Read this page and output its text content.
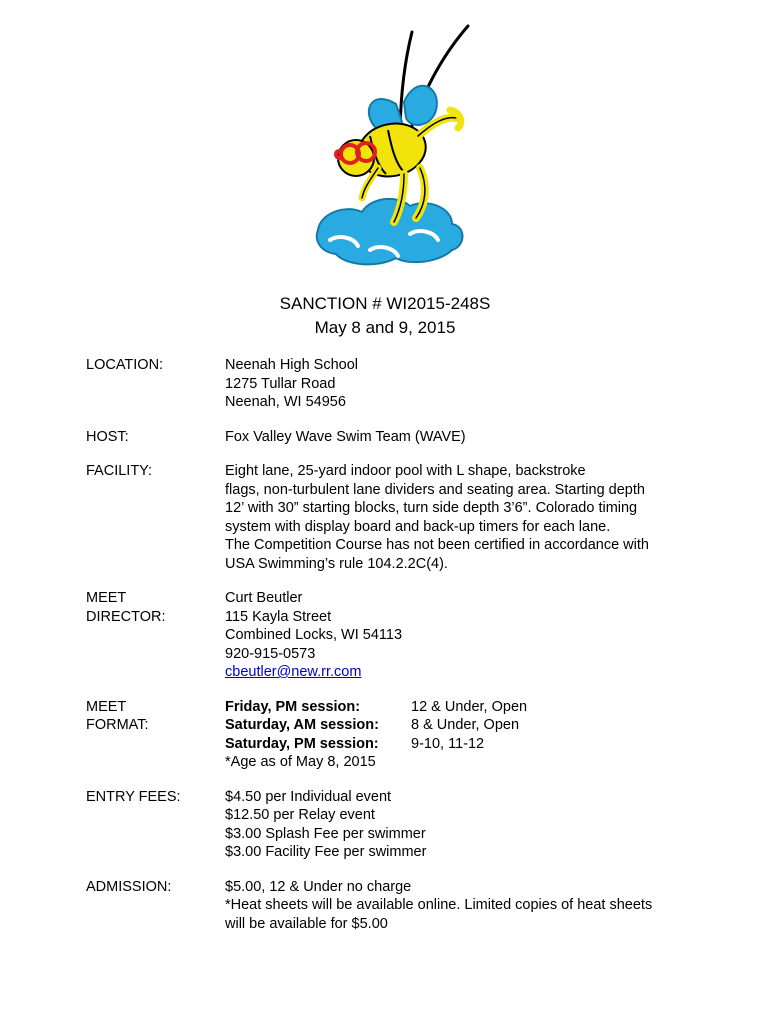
SANCTION # WI2015-248S
May 8 and 9, 2015
LOCATION:	Neenah High School
1275 Tullar Road
Neenah, WI 54956
HOST:	Fox Valley Wave Swim Team (WAVE)
FACILITY:	Eight lane, 25-yard indoor pool with L shape, backstroke
flags, non-turbulent lane dividers and seating area. Starting depth
12’ with 30” starting blocks, turn side depth 3’6”. Colorado timing
system with display board and back-up timers for each lane.
The Competition Course has not been certified in accordance with
USA Swimming’s rule 104.2.2C(4).
MEET
DIRECTOR:
Curt Beutler
115 Kayla Street
Combined Locks, WI 54113
920-915-0573
cbeutler@new.rr.com
MEET
FORMAT:
Friday, PM session:	12 & Under, Open
Saturday, AM session:	8 & Under, Open
Saturday, PM session:	9-10, 11-12
*Age as of May 8, 2015
ENTRY FEES:	$4.50 per Individual event
$12.50 per Relay event
$3.00 Splash Fee per swimmer
$3.00 Facility Fee per swimmer
ADMISSION:	$5.00, 12 & Under no charge
*Heat sheets will be available online. Limited copies of heat sheets
will be available for $5.00
